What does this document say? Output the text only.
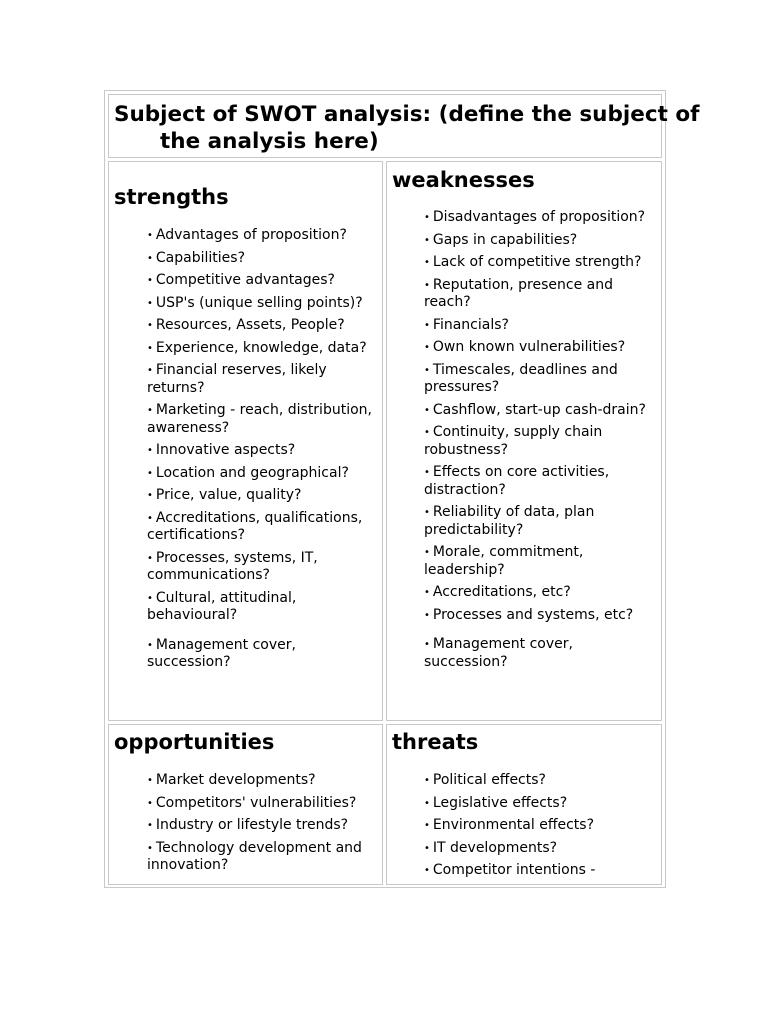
Subject of SWOT analysis: (define the subject of the analysis here)
strengths
• Advantages of proposition?
• Capabilities?
• Competitive advantages?
• USP's (unique selling points)?
• Resources, Assets, People?
• Experience, knowledge, data?
• Financial reserves, likely returns?
• Marketing - reach, distribution, awareness?
• Innovative aspects?
• Location and geographical?
• Price, value, quality?
• Accreditations, qualifications, certifications?
• Processes, systems, IT, communications?
• Cultural, attitudinal, behavioural?
• Management cover, succession?
weaknesses
• Disadvantages of proposition?
• Gaps in capabilities?
• Lack of competitive strength?
• Reputation, presence and reach?
• Financials?
• Own known vulnerabilities?
• Timescales, deadlines and pressures?
• Cashflow, start-up cash-drain?
• Continuity, supply chain robustness?
• Effects on core activities, distraction?
• Reliability of data, plan predictability?
• Morale, commitment, leadership?
• Accreditations, etc?
• Processes and systems, etc?
• Management cover, succession?
opportunities
• Market developments?
• Competitors' vulnerabilities?
• Industry or lifestyle trends?
• Technology development and innovation?
threats
• Political effects?
• Legislative effects?
• Environmental effects?
• IT developments?
• Competitor intentions -
